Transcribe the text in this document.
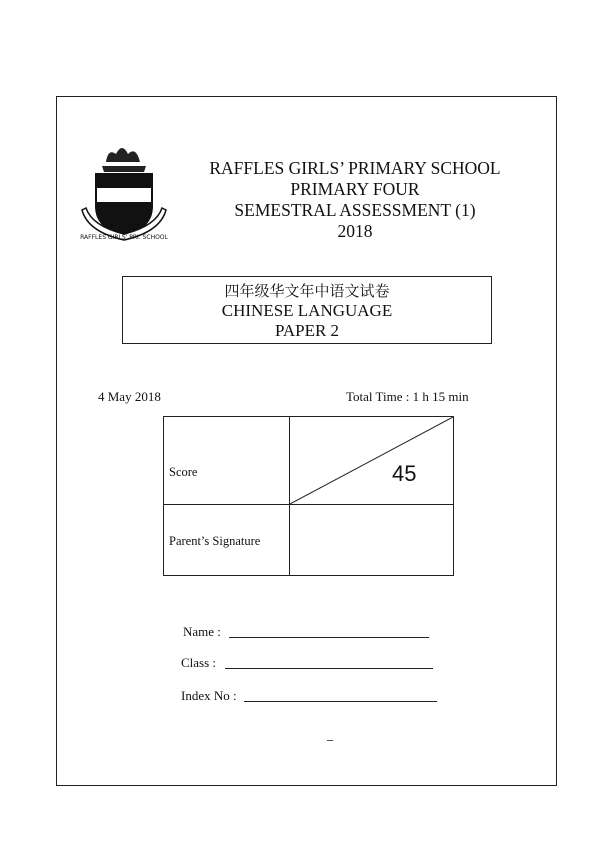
RAFFLES GIRLS' PRI. SCHOOL
RAFFLES GIRLS’ PRIMARY SCHOOL
PRIMARY FOUR
SEMESTRAL ASSESSMENT (1)
2018
四年级华文年中语文试卷
CHINESE LANGUAGE
PAPER 2
4 May 2018	Total Time : 1 h 15 min
Score	45
Parent’s Signature
Name :
Class :
Index No :
